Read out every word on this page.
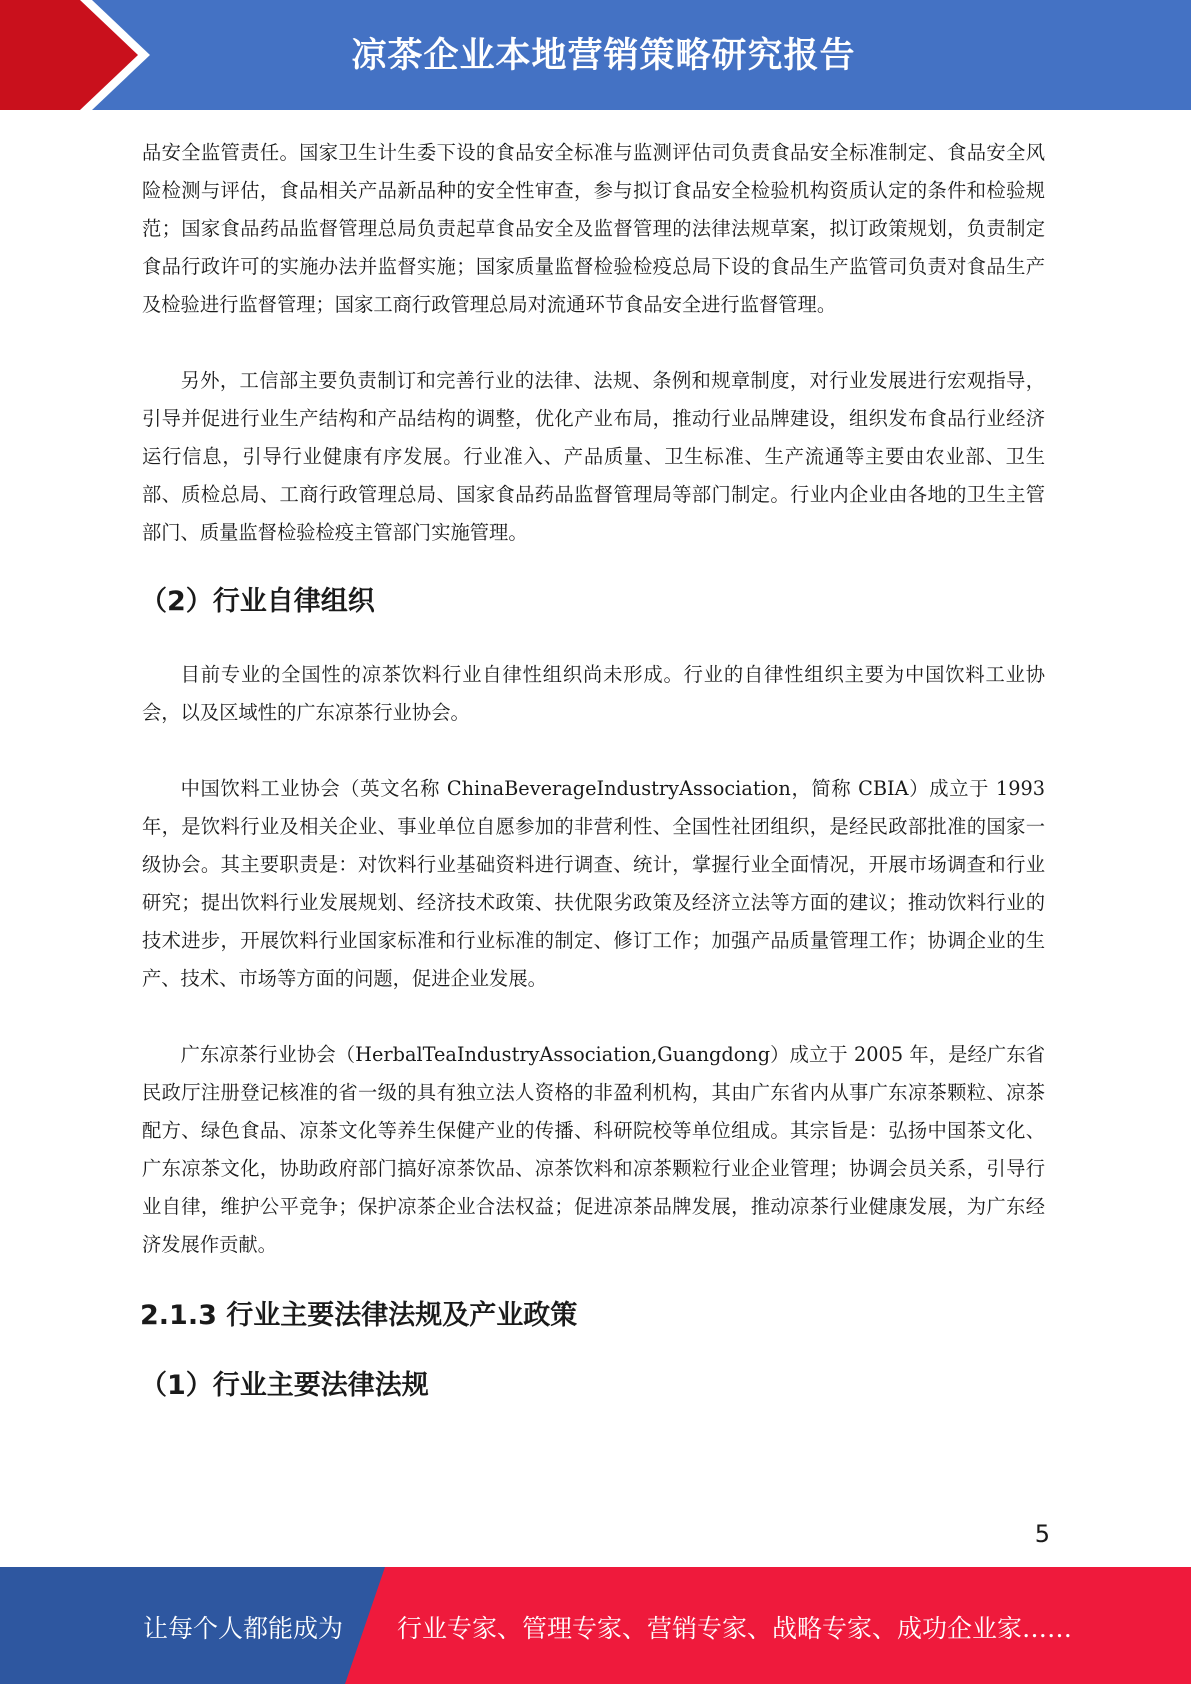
凉茶企业本地营销策略研究报告

品安全监管责任。国家卫生计生委下设的食品安全标准与监测评估司负责食品安全标准制定、食品安全风险检测与评估，食品相关产品新品种的安全性审查，参与拟订食品安全检验机构资质认定的条件和检验规范；国家食品药品监督管理总局负责起草食品安全及监督管理的法律法规草案，拟订政策规划，负责制定食品行政许可的实施办法并监督实施；国家质量监督检验检疫总局下设的食品生产监管司负责对食品生产及检验进行监督管理；国家工商行政管理总局对流通环节食品安全进行监督管理。

另外，工信部主要负责制订和完善行业的法律、法规、条例和规章制度，对行业发展进行宏观指导，引导并促进行业生产结构和产品结构的调整，优化产业布局，推动行业品牌建设，组织发布食品行业经济运行信息，引导行业健康有序发展。行业准入、产品质量、卫生标准、生产流通等主要由农业部、卫生部、质检总局、工商行政管理总局、国家食品药品监督管理局等部门制定。行业内企业由各地的卫生主管部门、质量监督检验检疫主管部门实施管理。

（2）行业自律组织

目前专业的全国性的凉茶饮料行业自律性组织尚未形成。行业的自律性组织主要为中国饮料工业协会，以及区域性的广东凉茶行业协会。

中国饮料工业协会（英文名称 ChinaBeverageIndustryAssociation，简称 CBIA）成立于 1993 年，是饮料行业及相关企业、事业单位自愿参加的非营利性、全国性社团组织，是经民政部批准的国家一级协会。其主要职责是：对饮料行业基础资料进行调查、统计，掌握行业全面情况，开展市场调查和行业研究；提出饮料行业发展规划、经济技术政策、扶优限劣政策及经济立法等方面的建议；推动饮料行业的技术进步，开展饮料行业国家标准和行业标准的制定、修订工作；加强产品质量管理工作；协调企业的生产、技术、市场等方面的问题，促进企业发展。

广东凉茶行业协会（HerbalTeaIndustryAssociation,Guangdong）成立于 2005 年，是经广东省民政厅注册登记核准的省一级的具有独立法人资格的非盈利机构，其由广东省内从事广东凉茶颗粒、凉茶配方、绿色食品、凉茶文化等养生保健产业的传播、科研院校等单位组成。其宗旨是：弘扬中国茶文化、广东凉茶文化，协助政府部门搞好凉茶饮品、凉茶饮料和凉茶颗粒行业企业管理；协调会员关系，引导行业自律，维护公平竞争；保护凉茶企业合法权益；促进凉茶品牌发展，推动凉茶行业健康发展，为广东经济发展作贡献。

2.1.3 行业主要法律法规及产业政策
（1）行业主要法律法规
5
让每个人都能成为 行业专家、管理专家、营销专家、战略专家、成功企业家……
